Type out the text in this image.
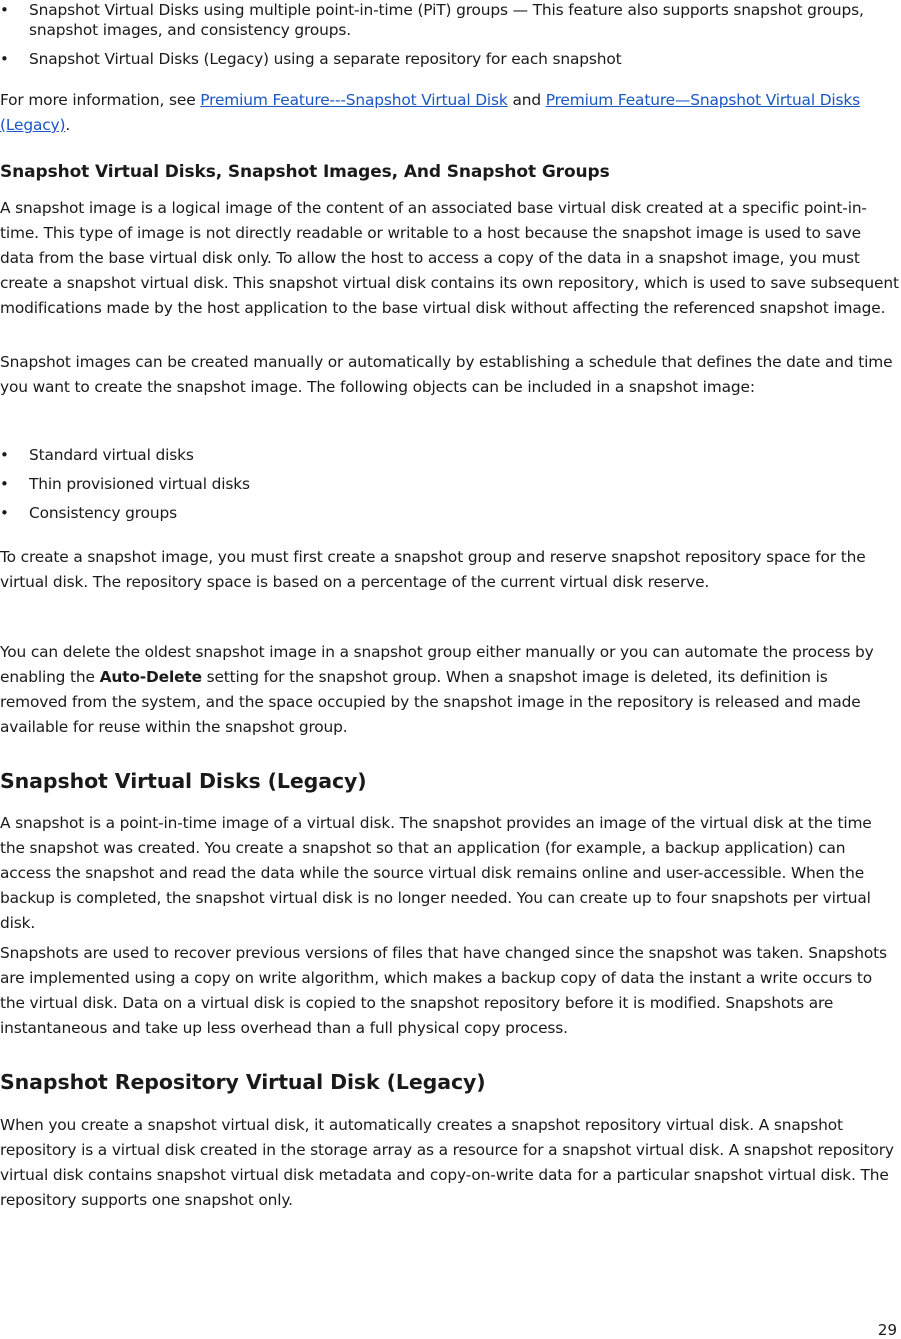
• Snapshot Virtual Disks using multiple point-in-time (PiT) groups — This feature also supports snapshot groups, snapshot images, and consistency groups.
• Snapshot Virtual Disks (Legacy) using a separate repository for each snapshot

For more information, see Premium Feature---Snapshot Virtual Disk and Premium Feature—Snapshot Virtual Disks (Legacy).

Snapshot Virtual Disks, Snapshot Images, And Snapshot Groups

A snapshot image is a logical image of the content of an associated base virtual disk created at a specific point-in-time. This type of image is not directly readable or writable to a host because the snapshot image is used to save data from the base virtual disk only. To allow the host to access a copy of the data in a snapshot image, you must create a snapshot virtual disk. This snapshot virtual disk contains its own repository, which is used to save subsequent modifications made by the host application to the base virtual disk without affecting the referenced snapshot image.

Snapshot images can be created manually or automatically by establishing a schedule that defines the date and time you want to create the snapshot image. The following objects can be included in a snapshot image:

• Standard virtual disks
• Thin provisioned virtual disks
• Consistency groups

To create a snapshot image, you must first create a snapshot group and reserve snapshot repository space for the virtual disk. The repository space is based on a percentage of the current virtual disk reserve.

You can delete the oldest snapshot image in a snapshot group either manually or you can automate the process by enabling the Auto-Delete setting for the snapshot group. When a snapshot image is deleted, its definition is removed from the system, and the space occupied by the snapshot image in the repository is released and made available for reuse within the snapshot group.

Snapshot Virtual Disks (Legacy)

A snapshot is a point-in-time image of a virtual disk. The snapshot provides an image of the virtual disk at the time the snapshot was created. You create a snapshot so that an application (for example, a backup application) can access the snapshot and read the data while the source virtual disk remains online and user-accessible. When the backup is completed, the snapshot virtual disk is no longer needed. You can create up to four snapshots per virtual disk.

Snapshots are used to recover previous versions of files that have changed since the snapshot was taken. Snapshots are implemented using a copy on write algorithm, which makes a backup copy of data the instant a write occurs to the virtual disk. Data on a virtual disk is copied to the snapshot repository before it is modified. Snapshots are instantaneous and take up less overhead than a full physical copy process.

Snapshot Repository Virtual Disk (Legacy)

When you create a snapshot virtual disk, it automatically creates a snapshot repository virtual disk. A snapshot repository is a virtual disk created in the storage array as a resource for a snapshot virtual disk. A snapshot repository virtual disk contains snapshot virtual disk metadata and copy-on-write data for a particular snapshot virtual disk. The repository supports one snapshot only.

29
